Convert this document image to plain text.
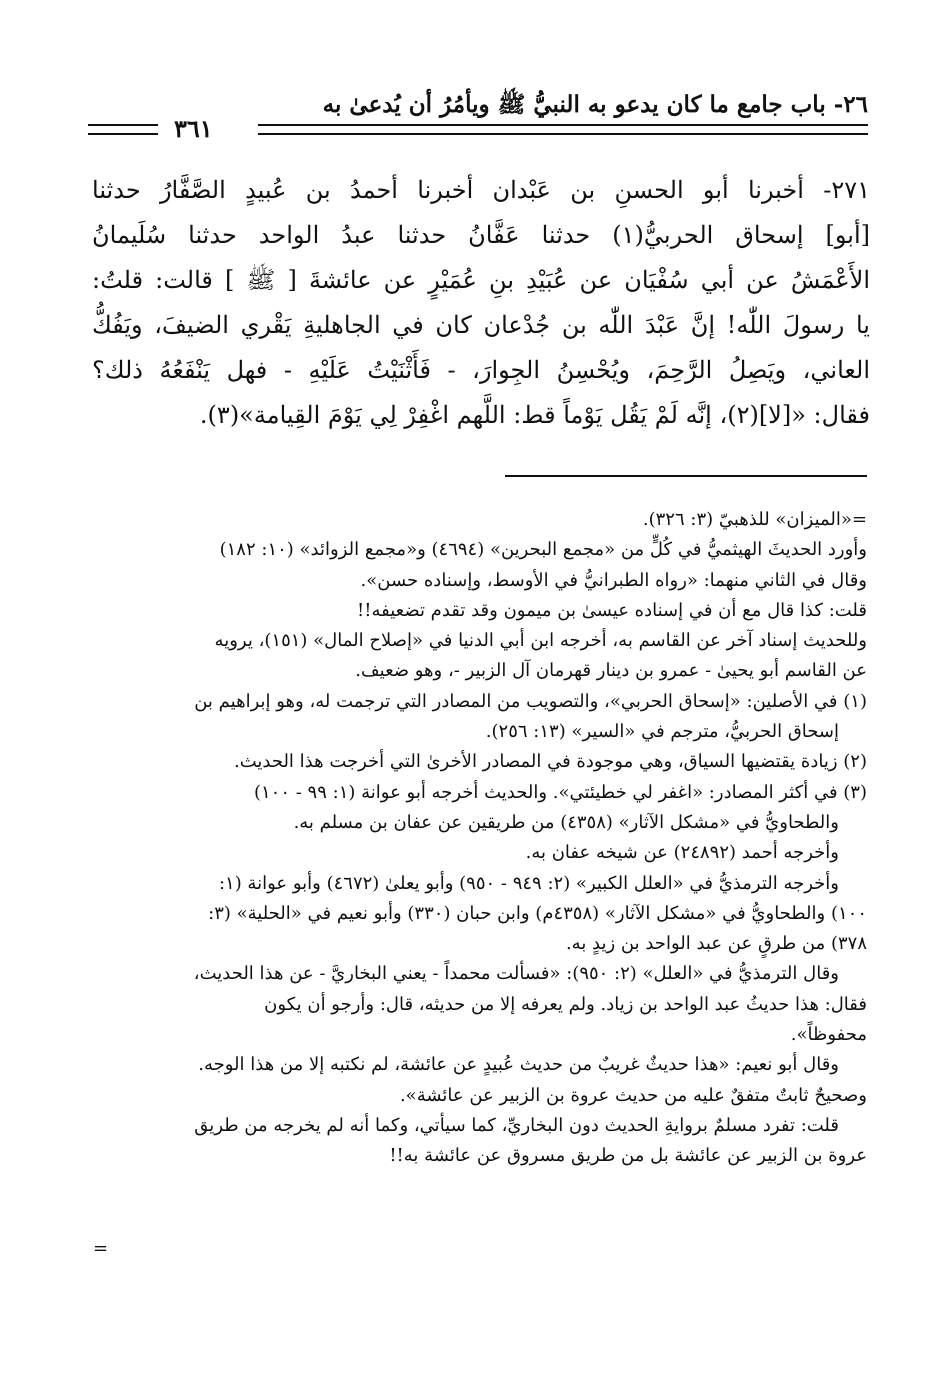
٢٦- باب جامع ما كان يدعو به النبيُّ ﷺ ويأمُرُ أن يُدعىٰ به
٣٦١
٢٧١- أخبرنا أبو الحسنِ بن عَبْدان أخبرنا أحمدُ بن عُبيدٍ الصَّفَّارُ حدثنا
[أبو] إسحاق الحربيُّ(١) حدثنا عَفَّانُ حدثنا عبدُ الواحد حدثنا سُلَيمانُ
الأَعْمَشُ عن أبي سُفْيَان عن عُبَيْدِ بنِ عُمَيْرٍ عن عائشةَ [ ﷺ ] قالت: قلتُ:
يا رسولَ اللّٰه! إنَّ عَبْدَ اللّٰه بن جُدْعان كان في الجاهليةِ يَقْري الضيفَ، ويَفُكُّ
العاني، ويَصِلُ الرَّحِمَ، ويُحْسِنُ الجِوارَ، - فَأَثْنَيْتُ عَلَيْهِ - فهل يَنْفَعُهُ ذلك؟
فقال: «[لا](٢)، إنَّه لَمْ يَقُل يَوْماً قط: اللَّهم اغْفِرْ لِي يَوْمَ القِيامة»(٣).
=«الميزان» للذهبيّ (٣: ٣٢٦).
وأورد الحديثَ الهيثميُّ في كُلٍّ من «مجمع البحرين» (٤٦٩٤) و«مجمع الزوائد» (١٠: ١٨٢)
وقال في الثاني منهما: «رواه الطبرانيُّ في الأوسط، وإسناده حسن».
قلت: كذا قال مع أن في إسناده عيسىٰ بن ميمون وقد تقدم تضعيفه!!
وللحديث إسناد آخر عن القاسم به، أخرجه ابن أبي الدنيا في «إصلاح المال» (١٥١)، يرويه
عن القاسم أبو يحيىٰ - عمرو بن دينار قهرمان آل الزبير -، وهو ضعيف.
(١) في الأصلين: «إسحاق الحربي»، والتصويب من المصادر التي ترجمت له، وهو إبراهيم بن
إسحاق الحربيُّ، مترجم في «السير» (١٣: ٢٥٦).
(٢) زيادة يقتضيها السياق، وهي موجودة في المصادر الأخرىٰ التي أخرجت هذا الحديث.
(٣) في أكثر المصادر: «اغفر لي خطيئتي». والحديث أخرجه أبو عوانة (١: ٩٩ - ١٠٠)
والطحاويُّ في «مشكل الآثار» (٤٣٥٨) من طريقين عن عفان بن مسلم به.
وأخرجه أحمد (٢٤٨٩٢) عن شيخه عفان به.
وأخرجه الترمذيُّ في «العلل الكبير» (٢: ٩٤٩ - ٩٥٠) وأبو يعلىٰ (٤٦٧٢) وأبو عوانة (١:
١٠٠) والطحاويُّ في «مشكل الآثار» (٤٣٥٨م) وابن حبان (٣٣٠) وأبو نعيم في «الحلية» (٣:
٣٧٨) من طرقٍ عن عبد الواحد بن زيدٍ به.
وقال الترمذيُّ في «العلل» (٢: ٩٥٠): «فسألت محمداً - يعني البخاريَّ - عن هذا الحديث،
فقال: هذا حديثُ عبد الواحد بن زياد. ولم يعرفه إلا من حديثه، قال: وأرجو أن يكون
محفوظاً».
وقال أبو نعيم: «هذا حديثٌ غريبٌ من حديث عُبيدٍ عن عائشة، لم نكتبه إلا من هذا الوجه.
وصحيحٌ ثابتٌ متفقٌ عليه من حديث عروة بن الزبير عن عائشة».
قلت: تفرد مسلمٌ بروايةِ الحديث دون البخاريِّ، كما سيأتي، وكما أنه لم يخرجه من طريق
عروة بن الزبير عن عائشة بل من طريق مسروق عن عائشة به!!
=
